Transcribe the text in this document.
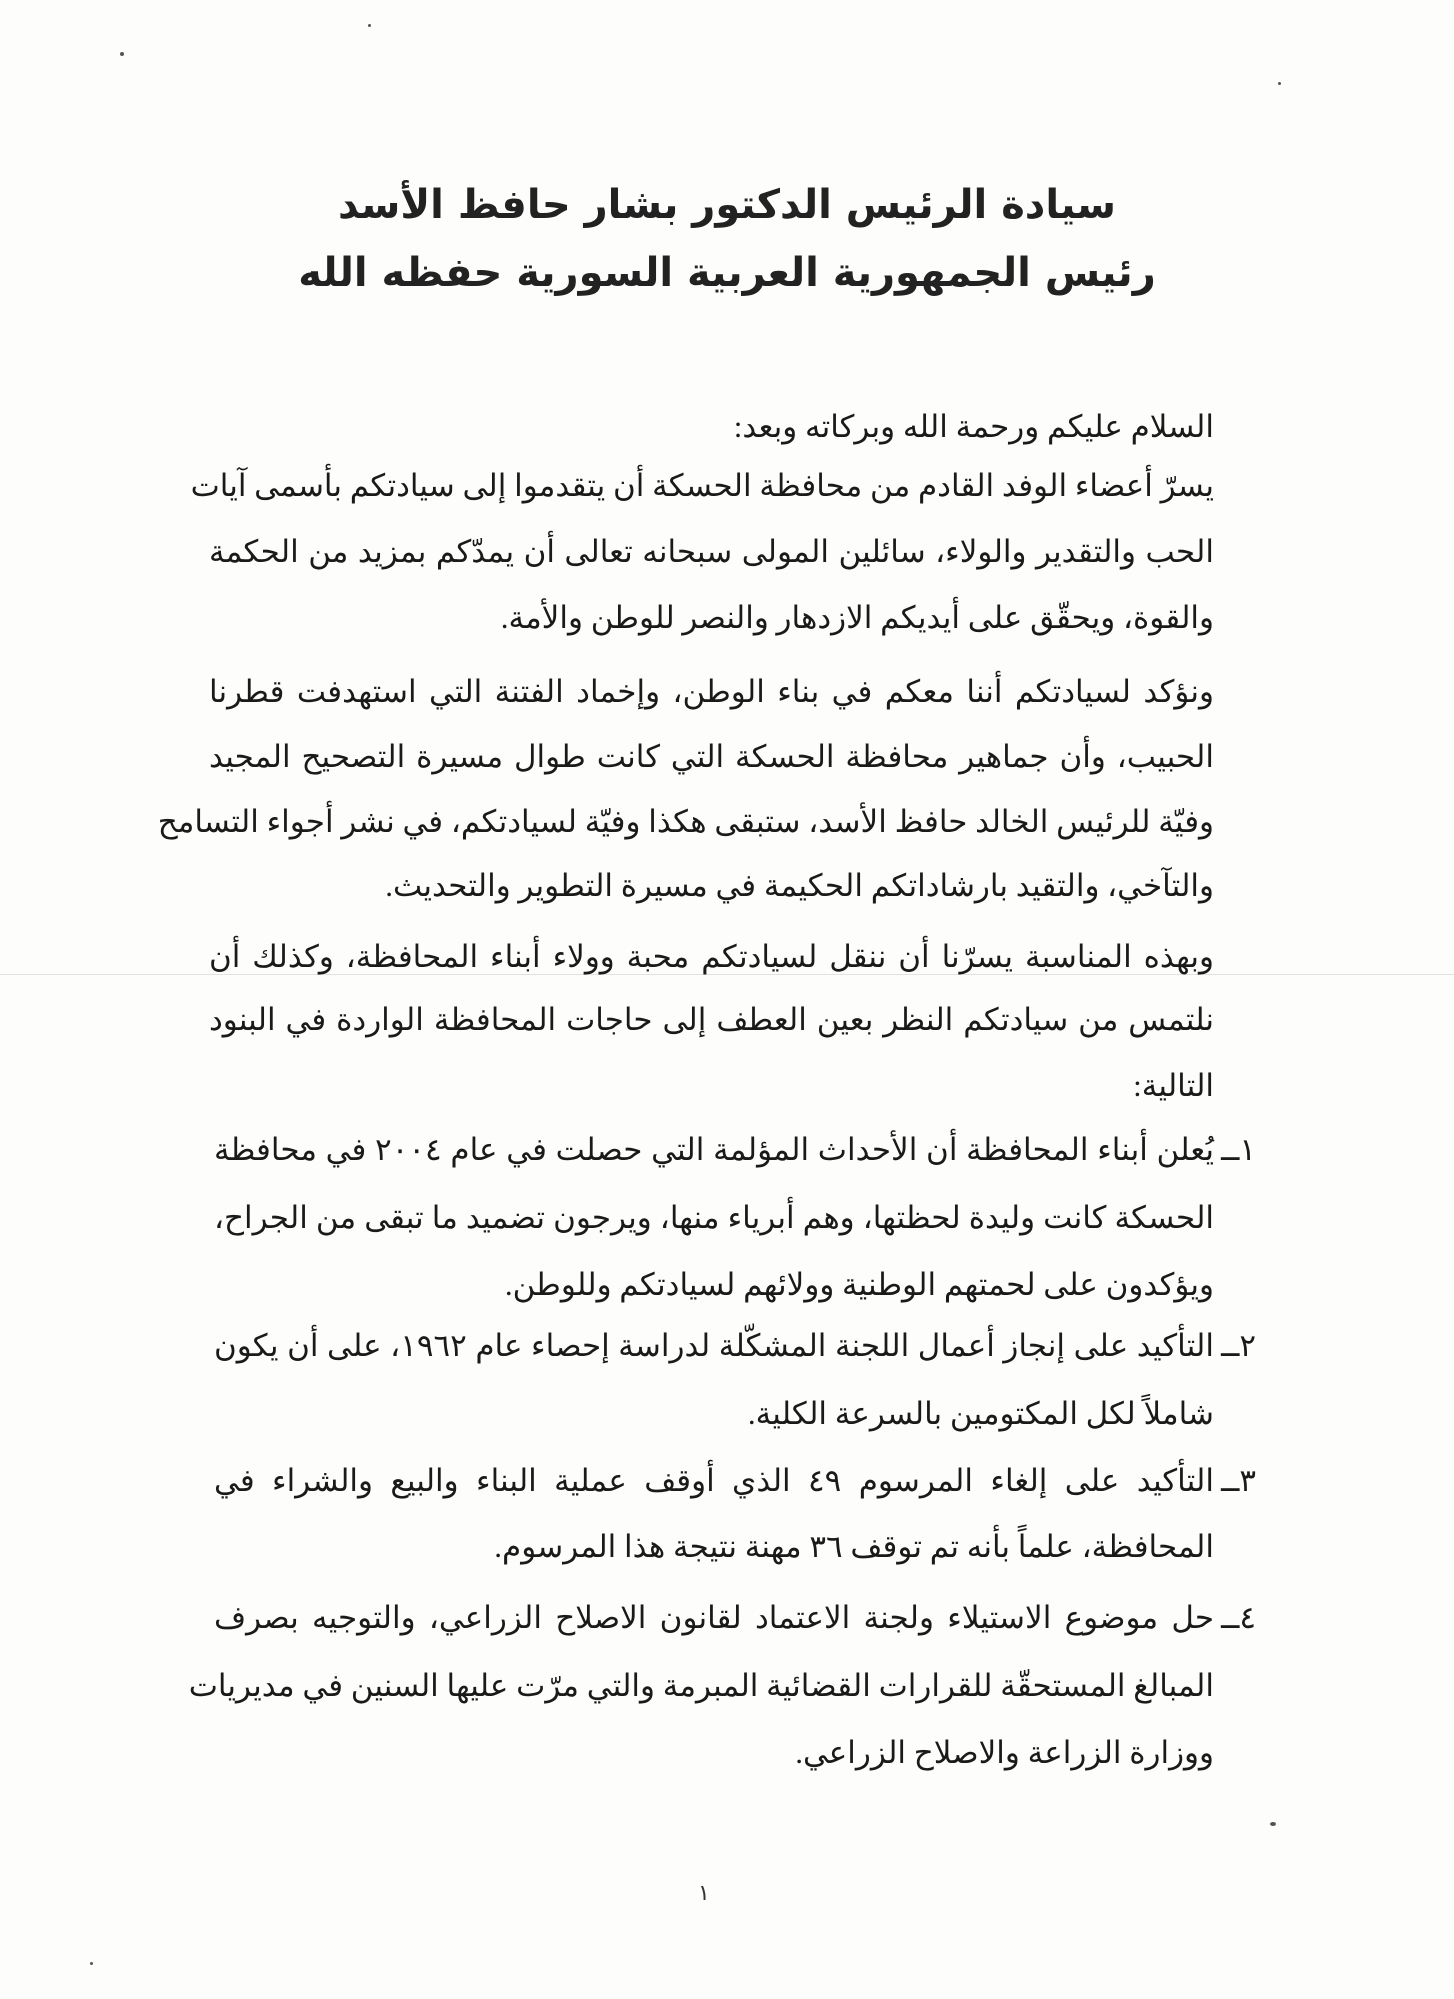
سيادة الرئيس الدكتور بشار حافظ الأسد
رئيس الجمهورية العربية السورية حفظه الله
السلام عليكم ورحمة الله وبركاته وبعد:
يسرّ أعضاء الوفد القادم من محافظة الحسكة أن يتقدموا إلى سيادتكم بأسمى آيات
الحب والتقدير والولاء، سائلين المولى سبحانه تعالى أن يمدّكم بمزيد من الحكمة
والقوة، ويحقّق على أيديكم الازدهار والنصر للوطن والأمة.
ونؤكد لسيادتكم أننا معكم في بناء الوطن، وإخماد الفتنة التي استهدفت قطرنا
الحبيب، وأن جماهير محافظة الحسكة التي كانت طوال مسيرة التصحيح المجيد
وفيّة للرئيس الخالد حافظ الأسد، ستبقى هكذا وفيّة لسيادتكم، في نشر أجواء التسامح
والتآخي، والتقيد بارشاداتكم الحكيمة في مسيرة التطوير والتحديث.
وبهذه المناسبة يسرّنا أن ننقل لسيادتكم محبة وولاء أبناء المحافظة، وكذلك أن
نلتمس من سيادتكم النظر بعين العطف إلى حاجات المحافظة الواردة في البنود
التالية:
١ــ
يُعلن أبناء المحافظة أن الأحداث المؤلمة التي حصلت في عام ٢٠٠٤ في محافظة
الحسكة كانت وليدة لحظتها، وهم أبرياء منها، ويرجون تضميد ما تبقى من الجراح،
ويؤكدون على لحمتهم الوطنية وولائهم لسيادتكم وللوطن.
٢ــ
التأكيد على إنجاز أعمال اللجنة المشكّلة لدراسة إحصاء عام ١٩٦٢، على أن يكون
شاملاً لكل المكتومين بالسرعة الكلية.
٣ــ
التأكيد على إلغاء المرسوم ٤٩ الذي أوقف عملية البناء والبيع والشراء في
المحافظة، علماً بأنه تم توقف ٣٦ مهنة نتيجة هذا المرسوم.
٤ــ
حل موضوع الاستيلاء ولجنة الاعتماد لقانون الاصلاح الزراعي، والتوجيه بصرف
المبالغ المستحقّة للقرارات القضائية المبرمة والتي مرّت عليها السنين في مديريات
ووزارة الزراعة والاصلاح الزراعي.
١
